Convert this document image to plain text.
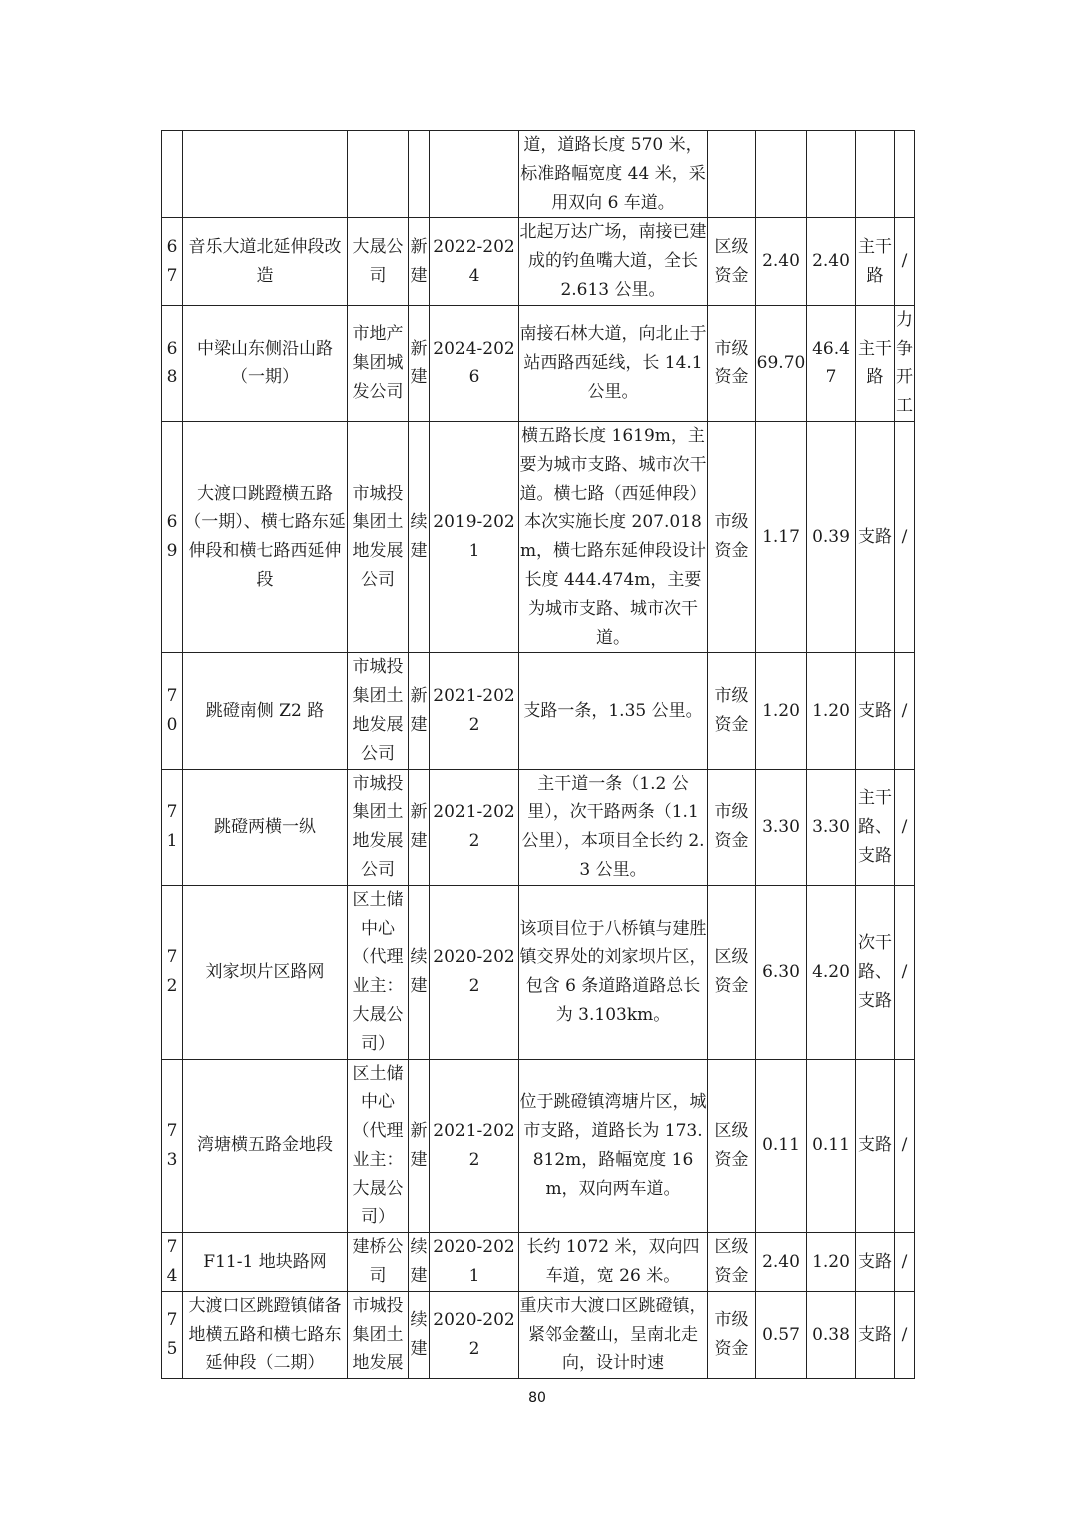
					道，道路长度 570 米，标准路幅宽度 44 米，采用双向 6 车道。					
67	音乐大道北延伸段改造	大晟公司	新建	2022-2024	北起万达广场，南接已建成的钓鱼嘴大道，全长 2.613 公里。	区级资金	2.40	2.40	主干路	/
68	中梁山东侧沿山路（一期）	市地产集团城发公司	新建	2024-2026	南接石林大道，向北止于站西路西延线，长 14.1 公里。	市级资金	69.70	46.47	主干路	力争开工
69	大渡口跳蹬横五路（一期）、横七路东延伸段和横七路西延伸段	市城投集团土地发展公司	续建	2019-2021	横五路长度 1619m，主要为城市支路、城市次干道。横七路（西延伸段）本次实施长度 207.018m，横七路东延伸段设计长度 444.474m，主要为城市支路、城市次干道。	市级资金	1.17	0.39	支路	/
70	跳磴南侧 Z2 路	市城投集团土地发展公司	新建	2021-2022	支路一条，1.35 公里。	市级资金	1.20	1.20	支路	/
71	跳磴两横一纵	市城投集团土地发展公司	新建	2021-2022	主干道一条（1.2 公里），次干路两条（1.1 公里），本项目全长约 2.3 公里。	市级资金	3.30	3.30	主干路、支路	/
72	刘家坝片区路网	区土储中心（代理业主：大晟公司）	续建	2020-2022	该项目位于八桥镇与建胜镇交界处的刘家坝片区，包含 6 条道路道路总长为 3.103km。	区级资金	6.30	4.20	次干路、支路	/
73	湾塘横五路金地段	区土储中心（代理业主：大晟公司）	新建	2021-2022	位于跳磴镇湾塘片区，城市支路，道路长为 173.812m，路幅宽度 16m，双向两车道。	区级资金	0.11	0.11	支路	/
74	F11-1 地块路网	建桥公司	续建	2020-2021	长约 1072 米，双向四车道，宽 26 米。	区级资金	2.40	1.20	支路	/
75	大渡口区跳蹬镇储备地横五路和横七路东延伸段（二期）	市城投集团土地发展	续建	2020-2022	重庆市大渡口区跳磴镇，紧邻金鳌山，呈南北走向，设计时速	市级资金	0.57	0.38	支路	/
80
